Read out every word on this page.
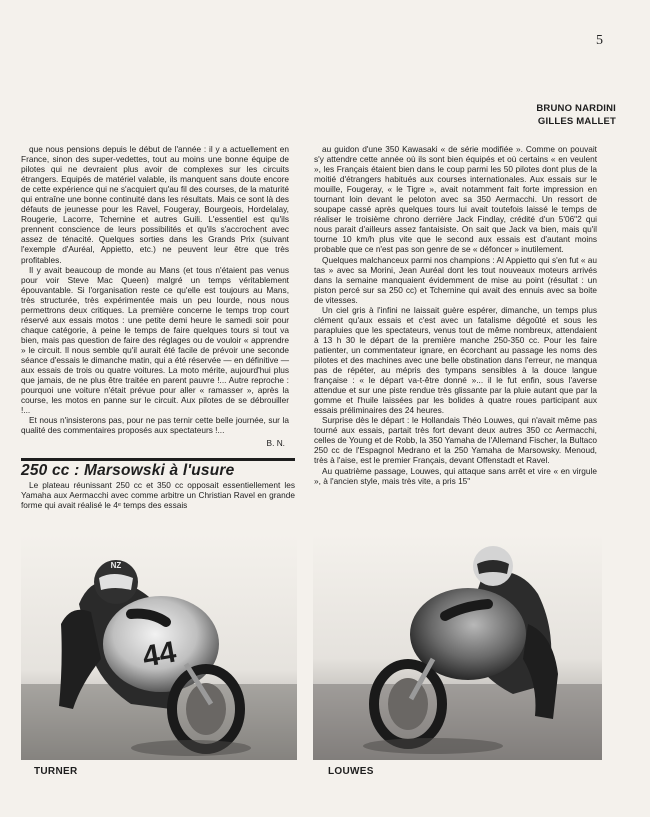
5
BRUNO NARDINI
GILLES MALLET

que nous pensions depuis le début de l'année : il y a actuellement en France, sinon des super-vedettes, tout au moins une bonne équipe de pilotes qui ne devraient plus avoir de complexes sur les circuits étrangers. Equipés de matériel valable, ils manquent sans doute encore de cette expérience qui ne s'acquiert qu'au fil des courses, de la maturité qui entraîne une bonne continuité dans les résultats. Mais ce sont là des défauts de jeunesse pour les Ravel, Fougeray, Bourgeois, Hordelalay, Rougerie, Lacorre, Tchernine et autres Guili. L'essentiel est qu'ils prennent conscience de leurs possibilités et qu'ils s'accrochent avec assez de ténacité. Quelques sorties dans les Grands Prix (suivant l'exemple d'Auréal, Appietto, etc.) ne peuvent leur être que très profitables.

Il y avait beaucoup de monde au Mans (et tous n'étaient pas venus pour voir Steve Mac Queen) malgré un temps véritablement épouvantable. Si l'organisation reste ce qu'elle est toujours au Mans, très structurée, très expérimentée mais un peu lourde, nous nous permettrons deux critiques. La première concerne le temps trop court réservé aux essais motos : une petite demi heure le samedi soir pour chaque catégorie, à peine le temps de faire quelques tours si tout va bien, mais pas question de faire des réglages ou de vouloir « apprendre » le circuit. Il nous semble qu'il aurait été facile de prévoir une seconde séance d'essais le dimanche matin, qui a été réservée — en définitive — aux essais de trois ou quatre voitures. La moto mérite, aujourd'hui plus que jamais, de ne plus être traitée en parent pauvre !... Autre reproche : pourquoi une voiture n'était prévue pour aller « ramasser », après la course, les motos en panne sur le circuit. Aux pilotes de se débrouiller !...

Et nous n'insisterons pas, pour ne pas ternir cette belle journée, sur la qualité des commentaires proposés aux spectateurs !...

B. N.
250 cc : Marsowski à l'usure

Le plateau réunissant 250 cc et 350 cc opposait essentiellement les Yamaha aux Aermacchi avec comme arbitre un Christian Ravel en grande forme qui avait réalisé le 4ᵉ temps des essais

au guidon d'une 350 Kawasaki « de série modifiée ». Comme on pouvait s'y attendre cette année où ils sont bien équipés et où certains « en veulent », les Français étaient bien dans le coup parmi les 50 pilotes dont plus de la moitié d'étrangers habitués aux courses internationales. Aux essais sur le mouille, Fougeray, « le Tigre », avait notamment fait forte impression en tournant loin devant le peloton avec sa 350 Aermacchi. Un ressort de soupape cassé après quelques tours lui avait toutefois laissé le temps de réaliser le troisième chrono derrière Jack Findlay, crédité d'un 5'06"2 qui nous parait d'ailleurs assez fantaisiste. On sait que Jack va bien, mais qu'il tourne 10 km/h plus vite que le second aux essais est d'autant moins probable que ce n'est pas son genre de se « défoncer » inutilement.

Quelques malchanceux parmi nos champions : Al Appietto qui s'en fut « au tas » avec sa Morini, Jean Auréal dont les tout nouveaux moteurs arrivés dans la semaine manquaient évidemment de mise au point (résultat : un piston percé sur sa 250 cc) et Tchernine qui avait des ennuis avec sa boite de vitesses.

Un ciel gris à l'infini ne laissait guère espérer, dimanche, un temps plus clément qu'aux essais et c'est avec un fatalisme dégoûté et sous les parapluies que les spectateurs, venus tout de même nombreux, attendaient à 13 h 30 le départ de la première manche 250-350 cc. Pour les faire patienter, un commentateur ignare, en écorchant au passage les noms des pilotes et des machines avec une belle obstination dans l'erreur, ne manqua pas de répéter, au mépris des tympans sensibles à la douce langue française : « le départ va-t-être donné »... il le fut enfin, sous l'averse attendue et sur une piste rendue très glissante par la pluie autant que par la gomme et l'huile laissées par les bolides à quatre roues participant aux essais préliminaires des 24 heures.

Surprise dès le départ : le Hollandais Théo Louwes, qui n'avait même pas tourné aux essais, partait très fort devant deux autres 350 cc Aermacchi, celles de Young et de Robb, la 350 Yamaha de l'Allemand Fischer, la Bultaco 250 cc de l'Espagnol Medrano et la 250 Yamaha de Marsowsky. Menoud, très à l'aise, est le premier Français, devant Offenstadt et Ravel.

Au quatrième passage, Louwes, qui attaque sans arrêt et vire « en virgule », à l'ancien style, mais très vite, a pris 15"

NZ
44
TURNER	LOUWES
